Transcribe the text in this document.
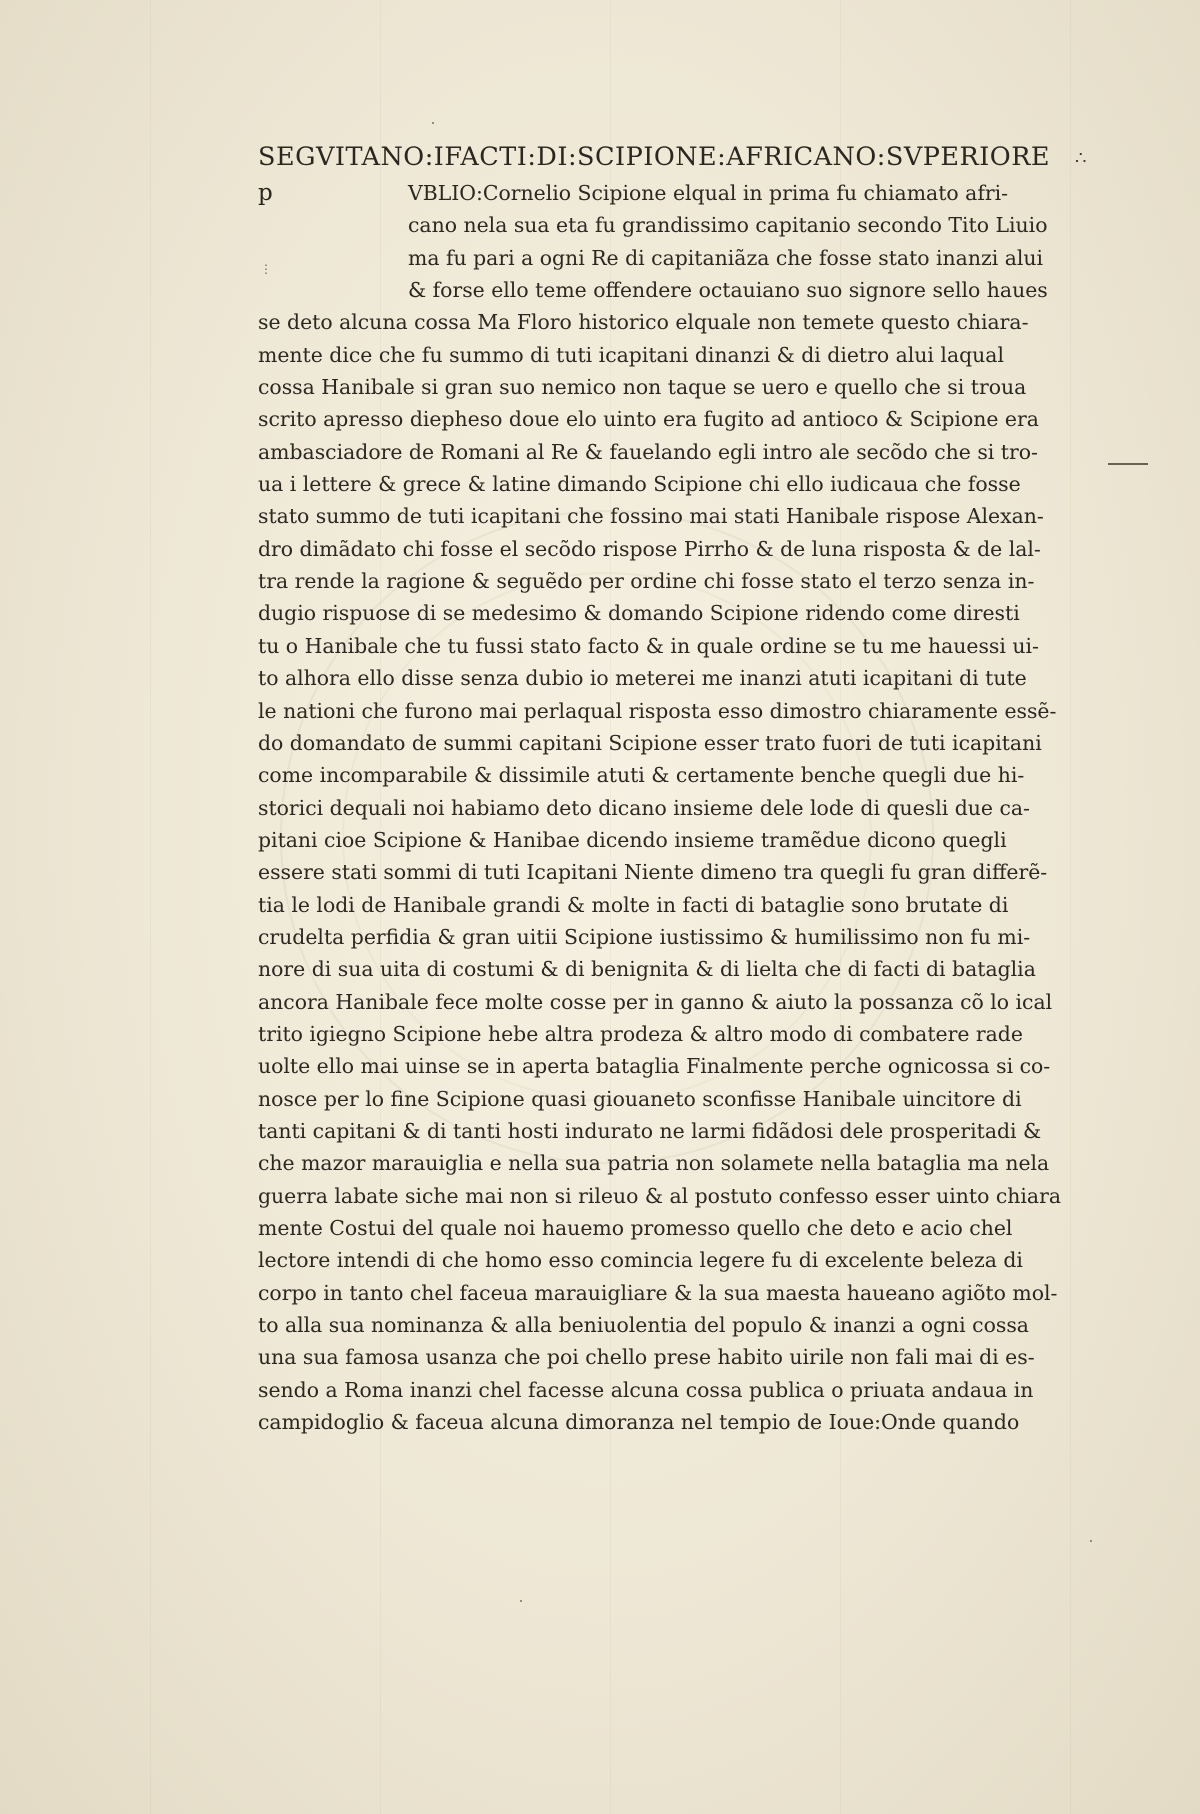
SEGVITANO:IFACTI:DI:SCIPIONE:AFRICANO:SVPERIORE	∴
p
⋮
VBLIO:Cornelio Scipione elqual in prima fu chiamato afri-
cano nela sua eta fu grandissimo capitanio secondo Tito Liuio
ma fu pari a ogni Re di capitaniãza che fosse stato inanzi alui
& forse ello teme offendere octauiano suo signore sello haues
se deto alcuna cossa Ma Floro historico elquale non temete questo chiara-
mente dice che fu summo di tuti icapitani dinanzi & di dietro alui laqual
cossa Hanibale si gran suo nemico non taque se uero e quello che si troua
scrito apresso diepheso doue elo uinto era fugito ad antioco & Scipione era
ambasciadore de Romani al Re & fauelando egli intro ale secõdo che si tro-
ua i lettere & grece & latine dimando Scipione chi ello iudicaua che fosse
stato summo de tuti icapitani che fossino mai stati Hanibale rispose Alexan-
dro dimãdato chi fosse el secõdo rispose Pirrho & de luna risposta & de lal-
tra rende la ragione & seguẽdo per ordine chi fosse stato el terzo senza in-
dugio rispuose di se medesimo & domando Scipione ridendo come diresti
tu o Hanibale che tu fussi stato facto & in quale ordine se tu me hauessi ui-
to alhora ello disse senza dubio io meterei me inanzi atuti icapitani di tute
le nationi che furono mai perlaqual risposta esso dimostro chiaramente essẽ-
do domandato de summi capitani Scipione esser trato fuori de tuti icapitani
come incomparabile & dissimile atuti & certamente benche quegli due hi-
storici dequali noi habiamo deto dicano insieme dele lode di quesli due ca-
pitani cioe Scipione & Hanibae dicendo insieme tramẽdue dicono quegli
essere stati sommi di tuti Icapitani Niente dimeno tra quegli fu gran differẽ-
tia le lodi de Hanibale grandi & molte in facti di bataglie sono brutate di
crudelta perfidia & gran uitii Scipione iustissimo & humilissimo non fu mi-
nore di sua uita di costumi & di benignita & di lielta che di facti di bataglia
ancora Hanibale fece molte cosse per in ganno & aiuto la possanza cõ lo ical
trito igiegno Scipione hebe altra prodeza & altro modo di combatere rade
uolte ello mai uinse se in aperta bataglia Finalmente perche ognicossa si co-
nosce per lo fine Scipione quasi giouaneto sconfisse Hanibale uincitore di
tanti capitani & di tanti hosti indurato ne larmi fidãdosi dele prosperitadi &
che mazor marauiglia e nella sua patria non solamete nella bataglia ma nela
guerra labate siche mai non si rileuo & al postuto confesso esser uinto chiara
mente Costui del quale noi hauemo promesso quello che deto e acio chel
lectore intendi di che homo esso comincia legere fu di excelente beleza di
corpo in tanto chel faceua marauigliare & la sua maesta haueano agiõto mol-
to alla sua nominanza & alla beniuolentia del populo & inanzi a ogni cossa
una sua famosa usanza che poi chello prese habito uirile non fali mai di es-
sendo a Roma inanzi chel facesse alcuna cossa publica o priuata andaua in
campidoglio & faceua alcuna dimoranza nel tempio de Ioue:Onde quando
